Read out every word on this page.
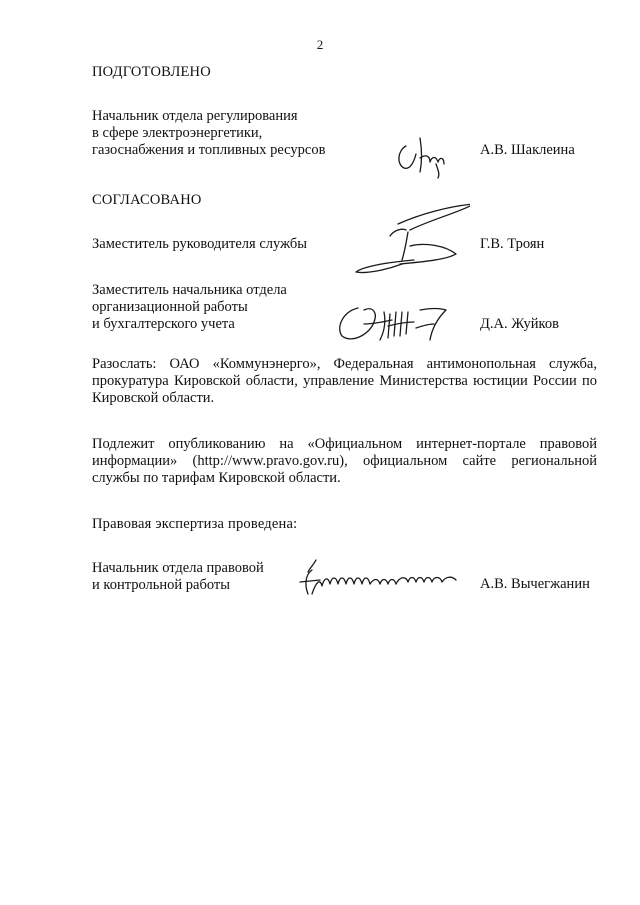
2
ПОДГОТОВЛЕНО
Начальник отдела регулирования
в сфере электроэнергетики,
газоснабжения и топливных ресурсов	А.В. Шаклеина
СОГЛАСОВАНО
Заместитель руководителя службы	Г.В. Троян
Заместитель начальника отдела
организационной работы
и бухгалтерского учета	Д.А. Жуйков
Разослать: ОАО «Коммунэнерго», Федеральная антимонопольная служба, прокуратура Кировской области, управление Министерства юстиции России по Кировской области.
Подлежит опубликованию на «Официальном интернет-портале правовой информации» (http://www.pravo.gov.ru), официальном сайте региональной службы по тарифам Кировской области.
Правовая экспертиза проведена:
Начальник отдела правовой
и контрольной работы	А.В. Вычегжанин
